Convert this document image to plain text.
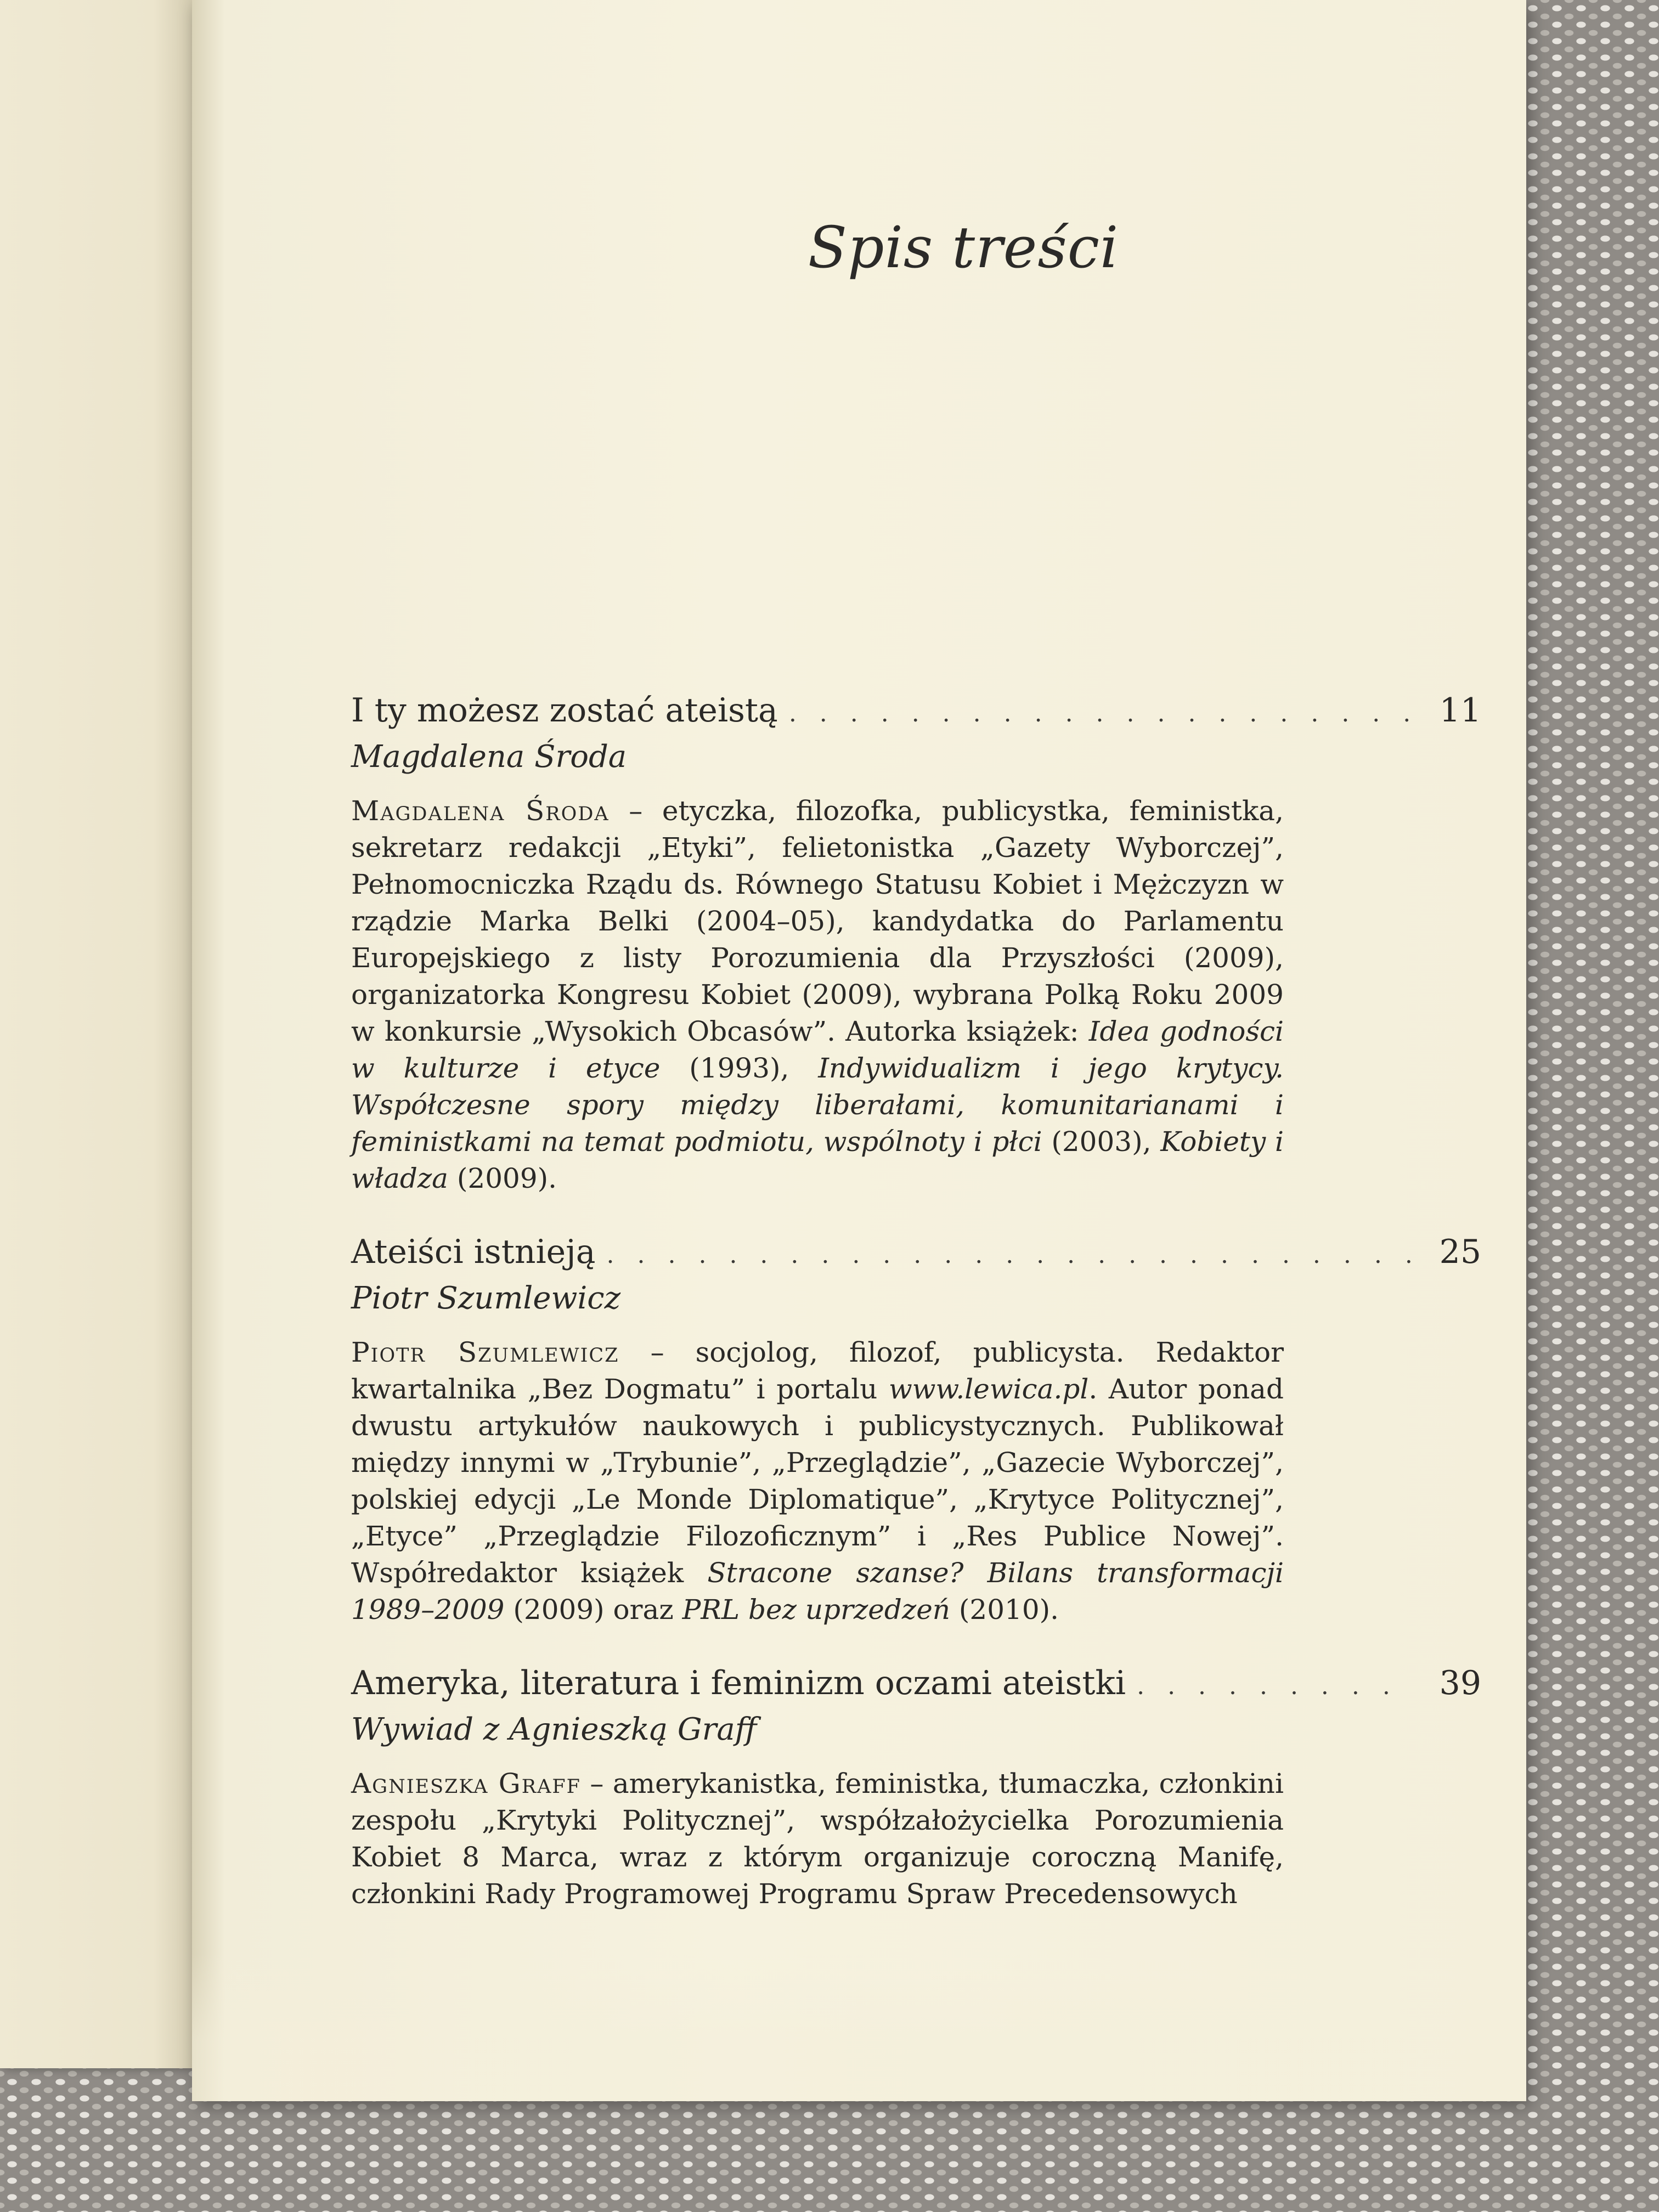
Spis treści
I ty możesz zostać ateistą . . .	11
Magdalena Środa
Magdalena Środa – etyczka, filozofka, publicystka, feministka, sekretarz redakcji „Etyki”, felietonistka „Gazety Wyborczej”, Pełnomocniczka Rządu ds. Równego Statusu Kobiet i Mężczyzn w rządzie Marka Belki (2004–05), kandydatka do Parlamentu Europejskiego z listy Porozumienia dla Przyszłości (2009), organizatorka Kongresu Kobiet (2009), wybrana Polką Roku 2009 w konkursie „Wysokich Obcasów”. Autorka książek: Idea godności w kulturze i etyce (1993), Indywidualizm i jego krytycy. Współczesne spory między liberałami, komunitarianami i feministkami na temat podmiotu, wspólnoty i płci (2003), Kobiety i władza (2009).
Ateiści istnieją . . .	25
Piotr Szumlewicz
Piotr Szumlewicz – socjolog, filozof, publicysta. Redaktor kwartalnika „Bez Dogmatu” i portalu www.lewica.pl. Autor ponad dwustu artykułów naukowych i publicystycznych. Publikował między innymi w „Trybunie”, „Przeglądzie”, „Gazecie Wyborczej”, polskiej edycji „Le Monde Diplomatique”, „Krytyce Politycznej”, „Etyce” „Przeglądzie Filozoficznym” i „Res Publice Nowej”. Współredaktor książek Stracone szanse? Bilans transformacji 1989–2009 (2009) oraz PRL bez uprzedzeń (2010).
Ameryka, literatura i feminizm oczami ateistki . . .	39
Wywiad z Agnieszką Graff
Agnieszka Graff – amerykanistka, feministka, tłumaczka, członkini zespołu „Krytyki Politycznej”, współzałożycielka Porozumienia Kobiet 8 Marca, wraz z którym organizuje coroczną Manifę, członkini Rady Programowej Programu Spraw Precedensowych
